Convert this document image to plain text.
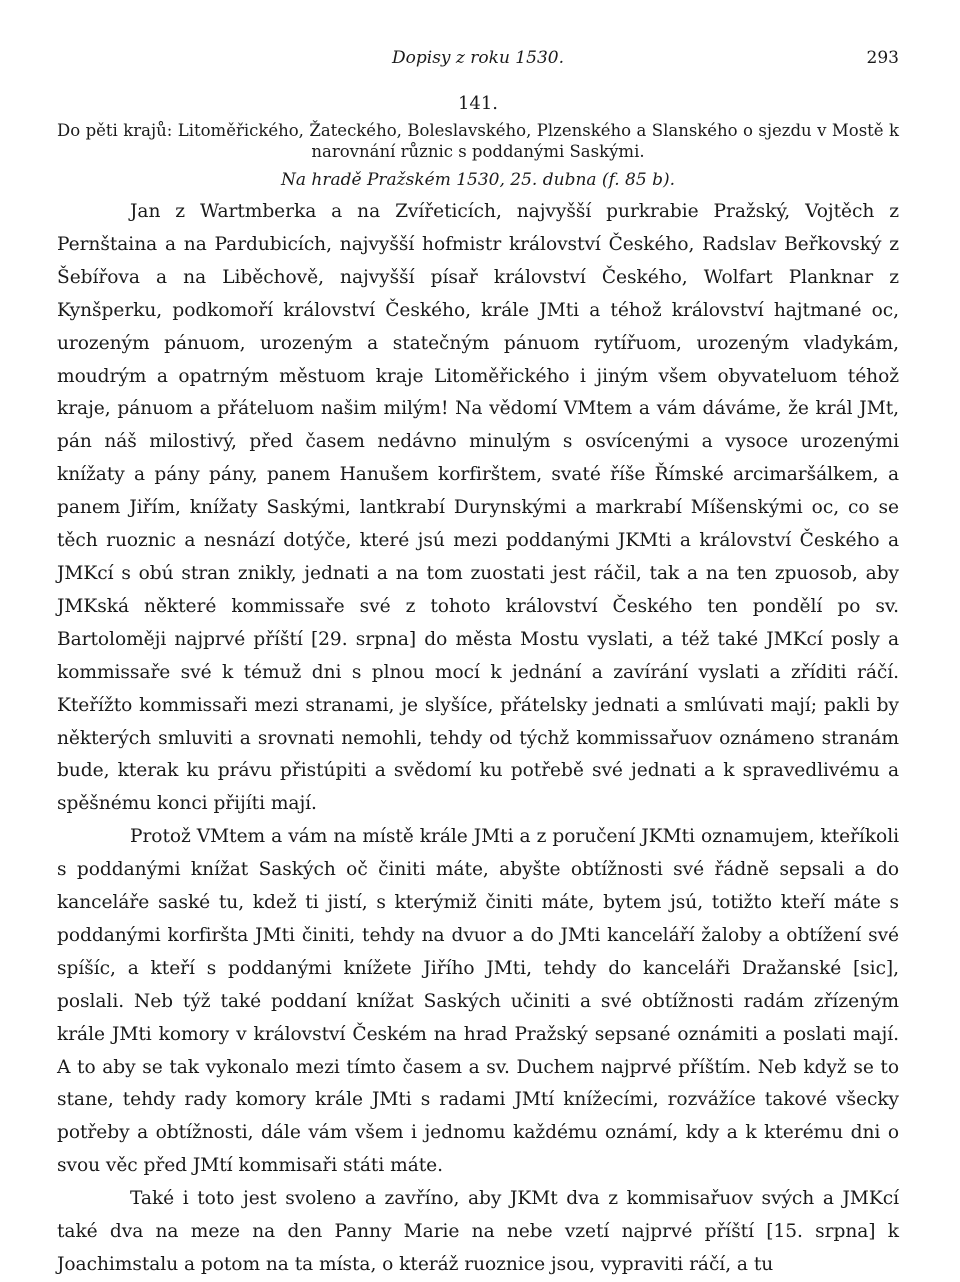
Dopisy z roku 1530.	293
141.
Do pěti krajů: Litoměřického, Žateckého, Boleslavského, Plzenského a Slanského o sjezdu v Mostě k narovnání různic s poddanými Saskými.
Na hradě Pražském 1530, 25. dubna (f. 85 b).

Jan z Wartmberka a na Zvířeticích, najvyšší purkrabie Pražský, Vojtěch z Pernštaina a na Pardubicích, najvyšší hofmistr království Českého, Radslav Beřkovský z Šebířova a na Liběchově, najvyšší písař království Českého, Wolfart Planknar z Kynšperku, podkomoří království Českého, krále JMti a téhož království hajtmané oc, urozeným pánuom, urozeným a statečným pánuom rytířuom, urozeným vladykám, moudrým a opatrným městuom kraje Litoměřického i jiným všem obyvateluom téhož kraje, pánuom a přáteluom našim milým! Na vědomí VMtem a vám dáváme, že král JMt, pán náš milostivý, před časem nedávno minulým s osvícenými a vysoce urozenými knížaty a pány pány, panem Hanušem korfirštem, svaté říše Římské arcimaršálkem, a panem Jiřím, knížaty Saskými, lantkrabí Durynskými a markrabí Míšenskými oc, co se těch ruoznic a nesnází dotýče, které jsú mezi poddanými JKMti a království Českého a JMKcí s obú stran znikly, jednati a na tom zuostati jest ráčil, tak a na ten zpuosob, aby JMKská některé kommissaře své z tohoto království Českého ten pondělí po sv. Bartoloměji najprvé příští [29. srpna] do města Mostu vyslati, a též také JMKcí posly a kommissaře své k témuž dni s plnou mocí k jednání a zavírání vyslati a zříditi ráčí. Kteřížto kommissaři mezi stranami, je slyšíce, přátelsky jednati a smlúvati mají; pakli by některých smluviti a srovnati nemohli, tehdy od týchž kommissařuov oznámeno stranám bude, kterak ku právu přistúpiti a svědomí ku potřebě své jednati a k spravedlivému a spěšnému konci přijíti mají.

Protož VMtem a vám na místě krále JMti a z poručení JKMti oznamujem, kteříkoli s poddanými knížat Saských oč činiti máte, abyšte obtížnosti své řádně sepsali a do kanceláře saské tu, kdež ti jistí, s kterýmiž činiti máte, bytem jsú, totižto kteří máte s poddanými korfiršta JMti činiti, tehdy na dvuor a do JMti kanceláří žaloby a obtížení své spíšíc, a kteří s poddanými knížete Jiřího JMti, tehdy do kanceláři Dražanské [sic], poslali. Neb týž také poddaní knížat Saských učiniti a své obtížnosti radám zřízeným krále JMti komory v království Českém na hrad Pražský sepsané oznámiti a poslati mají. A to aby se tak vykonalo mezi tímto časem a sv. Duchem najprvé příštím. Neb když se to stane, tehdy rady komory krále JMti s radami JMtí knížecími, rozvážíce takové všecky potřeby a obtížnosti, dále vám všem i jednomu každému oznámí, kdy a k kterému dni o svou věc před JMtí kommisaři státi máte.

Také i toto jest svoleno a zavříno, aby JKMt dva z kommisařuov svých a JMKcí také dva na meze na den Panny Marie na nebe vzetí najprvé příští [15. srpna] k Joachimstalu a potom na ta místa, o kteráž ruoznice jsou, vypraviti ráčí, a tu
